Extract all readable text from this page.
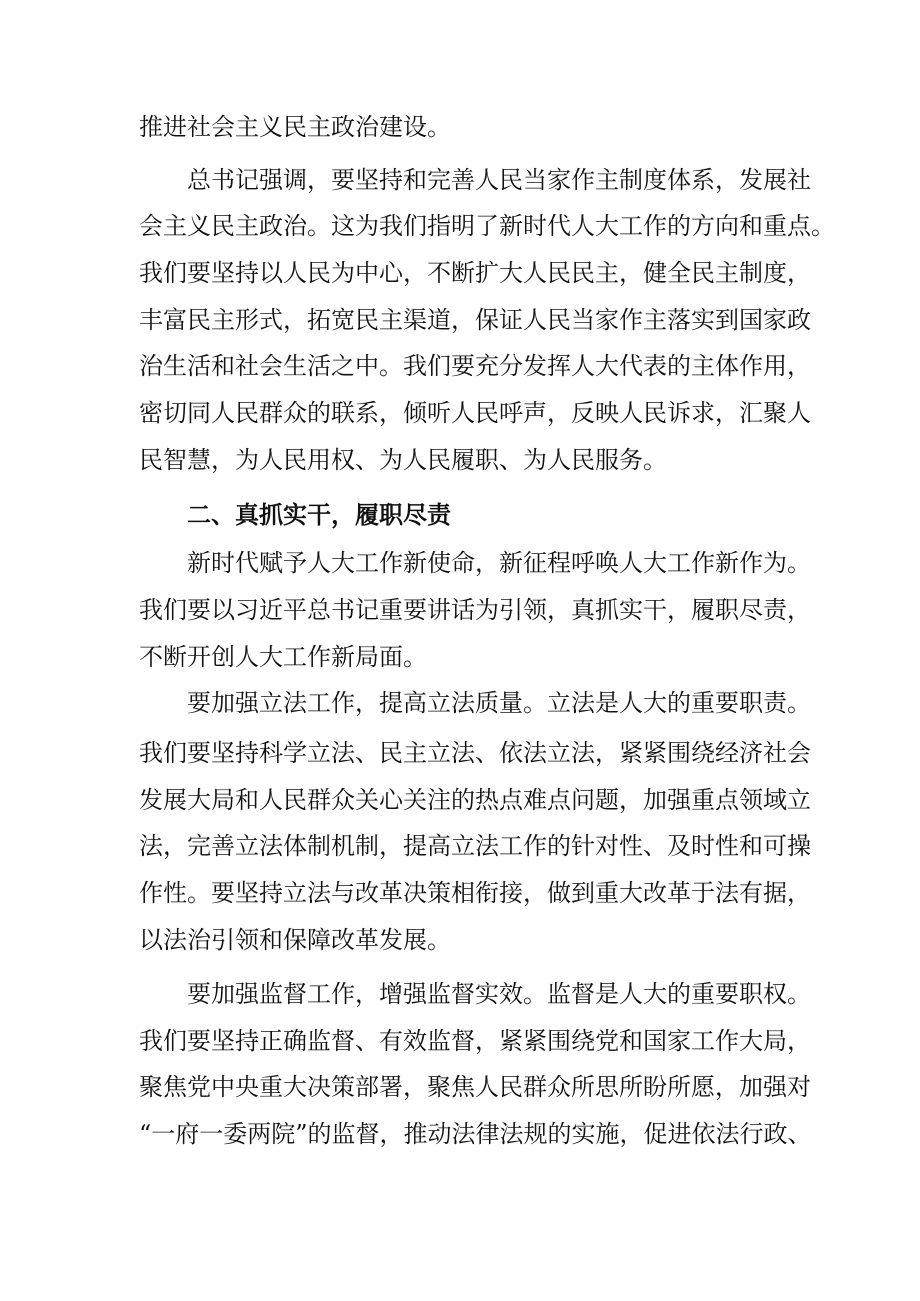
推进社会主义民主政治建设。
总书记强调，要坚持和完善人民当家作主制度体系，发展社
会主义民主政治。这为我们指明了新时代人大工作的方向和重点。
我们要坚持以人民为中心，不断扩大人民民主，健全民主制度，
丰富民主形式，拓宽民主渠道，保证人民当家作主落实到国家政
治生活和社会生活之中。我们要充分发挥人大代表的主体作用，
密切同人民群众的联系，倾听人民呼声，反映人民诉求，汇聚人
民智慧，为人民用权、为人民履职、为人民服务。
二、真抓实干，履职尽责
新时代赋予人大工作新使命，新征程呼唤人大工作新作为。
我们要以习近平总书记重要讲话为引领，真抓实干，履职尽责，
不断开创人大工作新局面。
要加强立法工作，提高立法质量。立法是人大的重要职责。
我们要坚持科学立法、民主立法、依法立法，紧紧围绕经济社会
发展大局和人民群众关心关注的热点难点问题，加强重点领域立
法，完善立法体制机制，提高立法工作的针对性、及时性和可操
作性。要坚持立法与改革决策相衔接，做到重大改革于法有据，
以法治引领和保障改革发展。
要加强监督工作，增强监督实效。监督是人大的重要职权。
我们要坚持正确监督、有效监督，紧紧围绕党和国家工作大局，
聚焦党中央重大决策部署，聚焦人民群众所思所盼所愿，加强对
“一府一委两院”的监督，推动法律法规的实施，促进依法行政、
